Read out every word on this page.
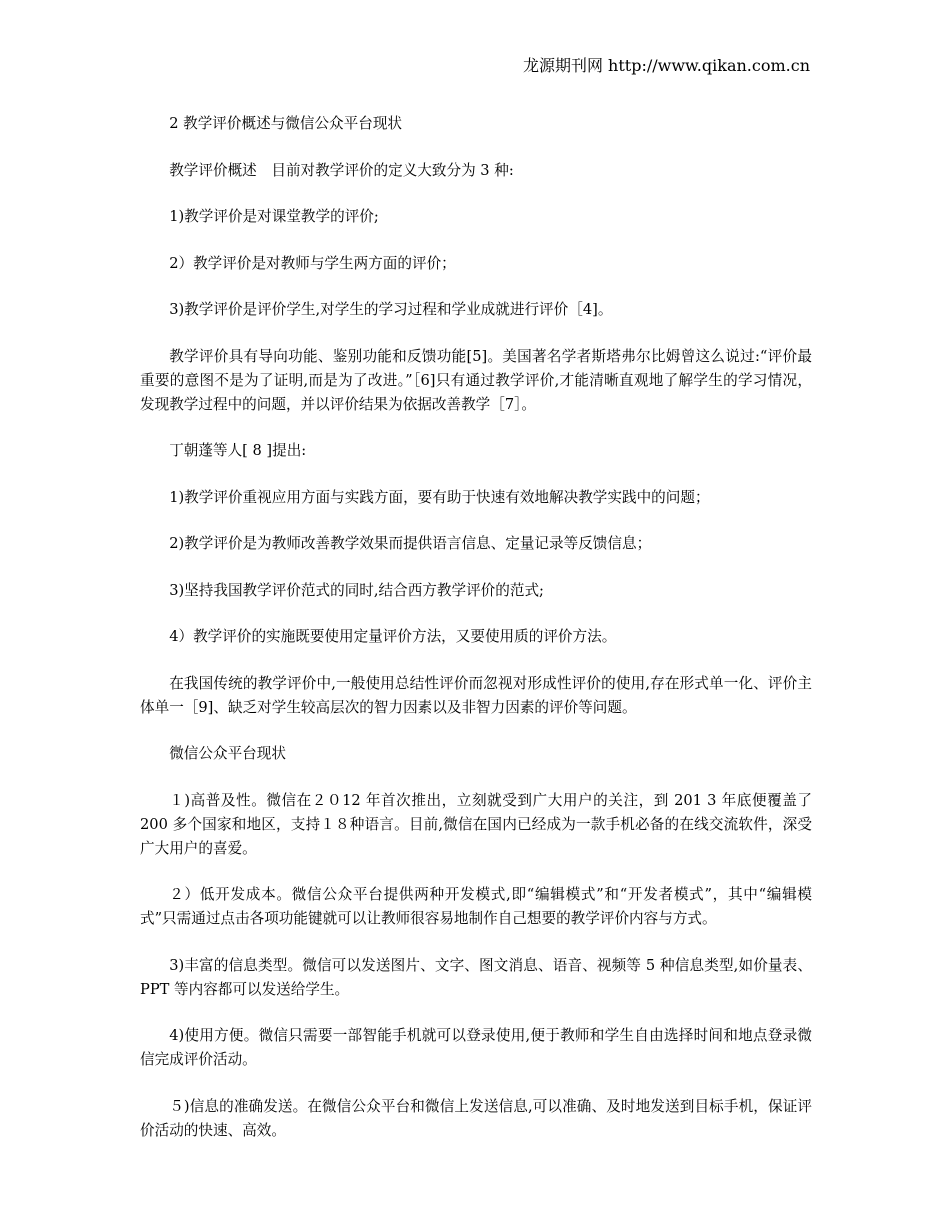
龙源期刊网 http://www.qikan.com.cn

2 教学评价概述与微信公众平台现状

教学评价概述　目前对教学评价的定义大致分为 3 种:

1)教学评价是对课堂教学的评价;

2）教学评价是对教师与学生两方面的评价；

3)教学评价是评价学生,对学生的学习过程和学业成就进行评价［4]。

教学评价具有导向功能、鉴别功能和反馈功能[5]。美国著名学者斯塔弗尔比姆曾这么说过:“评价最重要的意图不是为了证明,而是为了改进。”［6]只有通过教学评价,才能清晰直观地了解学生的学习情况，发现教学过程中的问题，并以评价结果为依据改善教学［7］。

丁朝蓬等人[ 8 ]提出:

1)教学评价重视应用方面与实践方面，要有助于快速有效地解决教学实践中的问题；

2)教学评价是为教师改善教学效果而提供语言信息、定量记录等反馈信息；

3)坚持我国教学评价范式的同时,结合西方教学评价的范式;

4）教学评价的实施既要使用定量评价方法，又要使用质的评价方法。

在我国传统的教学评价中,一般使用总结性评价而忽视对形成性评价的使用,存在形式单一化、评价主体单一［9]、缺乏对学生较高层次的智力因素以及非智力因素的评价等问题。

微信公众平台现状

１)高普及性。微信在２０12 年首次推出，立刻就受到广大用户的关注，到 201 3 年底便覆盖了 200 多个国家和地区，支持１８种语言。目前,微信在国内已经成为一款手机必备的在线交流软件，深受广大用户的喜爱。

２）低开发成本。微信公众平台提供两种开发模式,即“编辑模式”和“开发者模式”，其中“编辑模式”只需通过点击各项功能键就可以让教师很容易地制作自己想要的教学评价内容与方式。

3)丰富的信息类型。微信可以发送图片、文字、图文消息、语音、视频等 5 种信息类型,如价量表、PPT 等内容都可以发送给学生。

4)使用方便。微信只需要一部智能手机就可以登录使用,便于教师和学生自由选择时间和地点登录微信完成评价活动。

５)信息的准确发送。在微信公众平台和微信上发送信息,可以准确、及时地发送到目标手机，保证评价活动的快速、高效。
